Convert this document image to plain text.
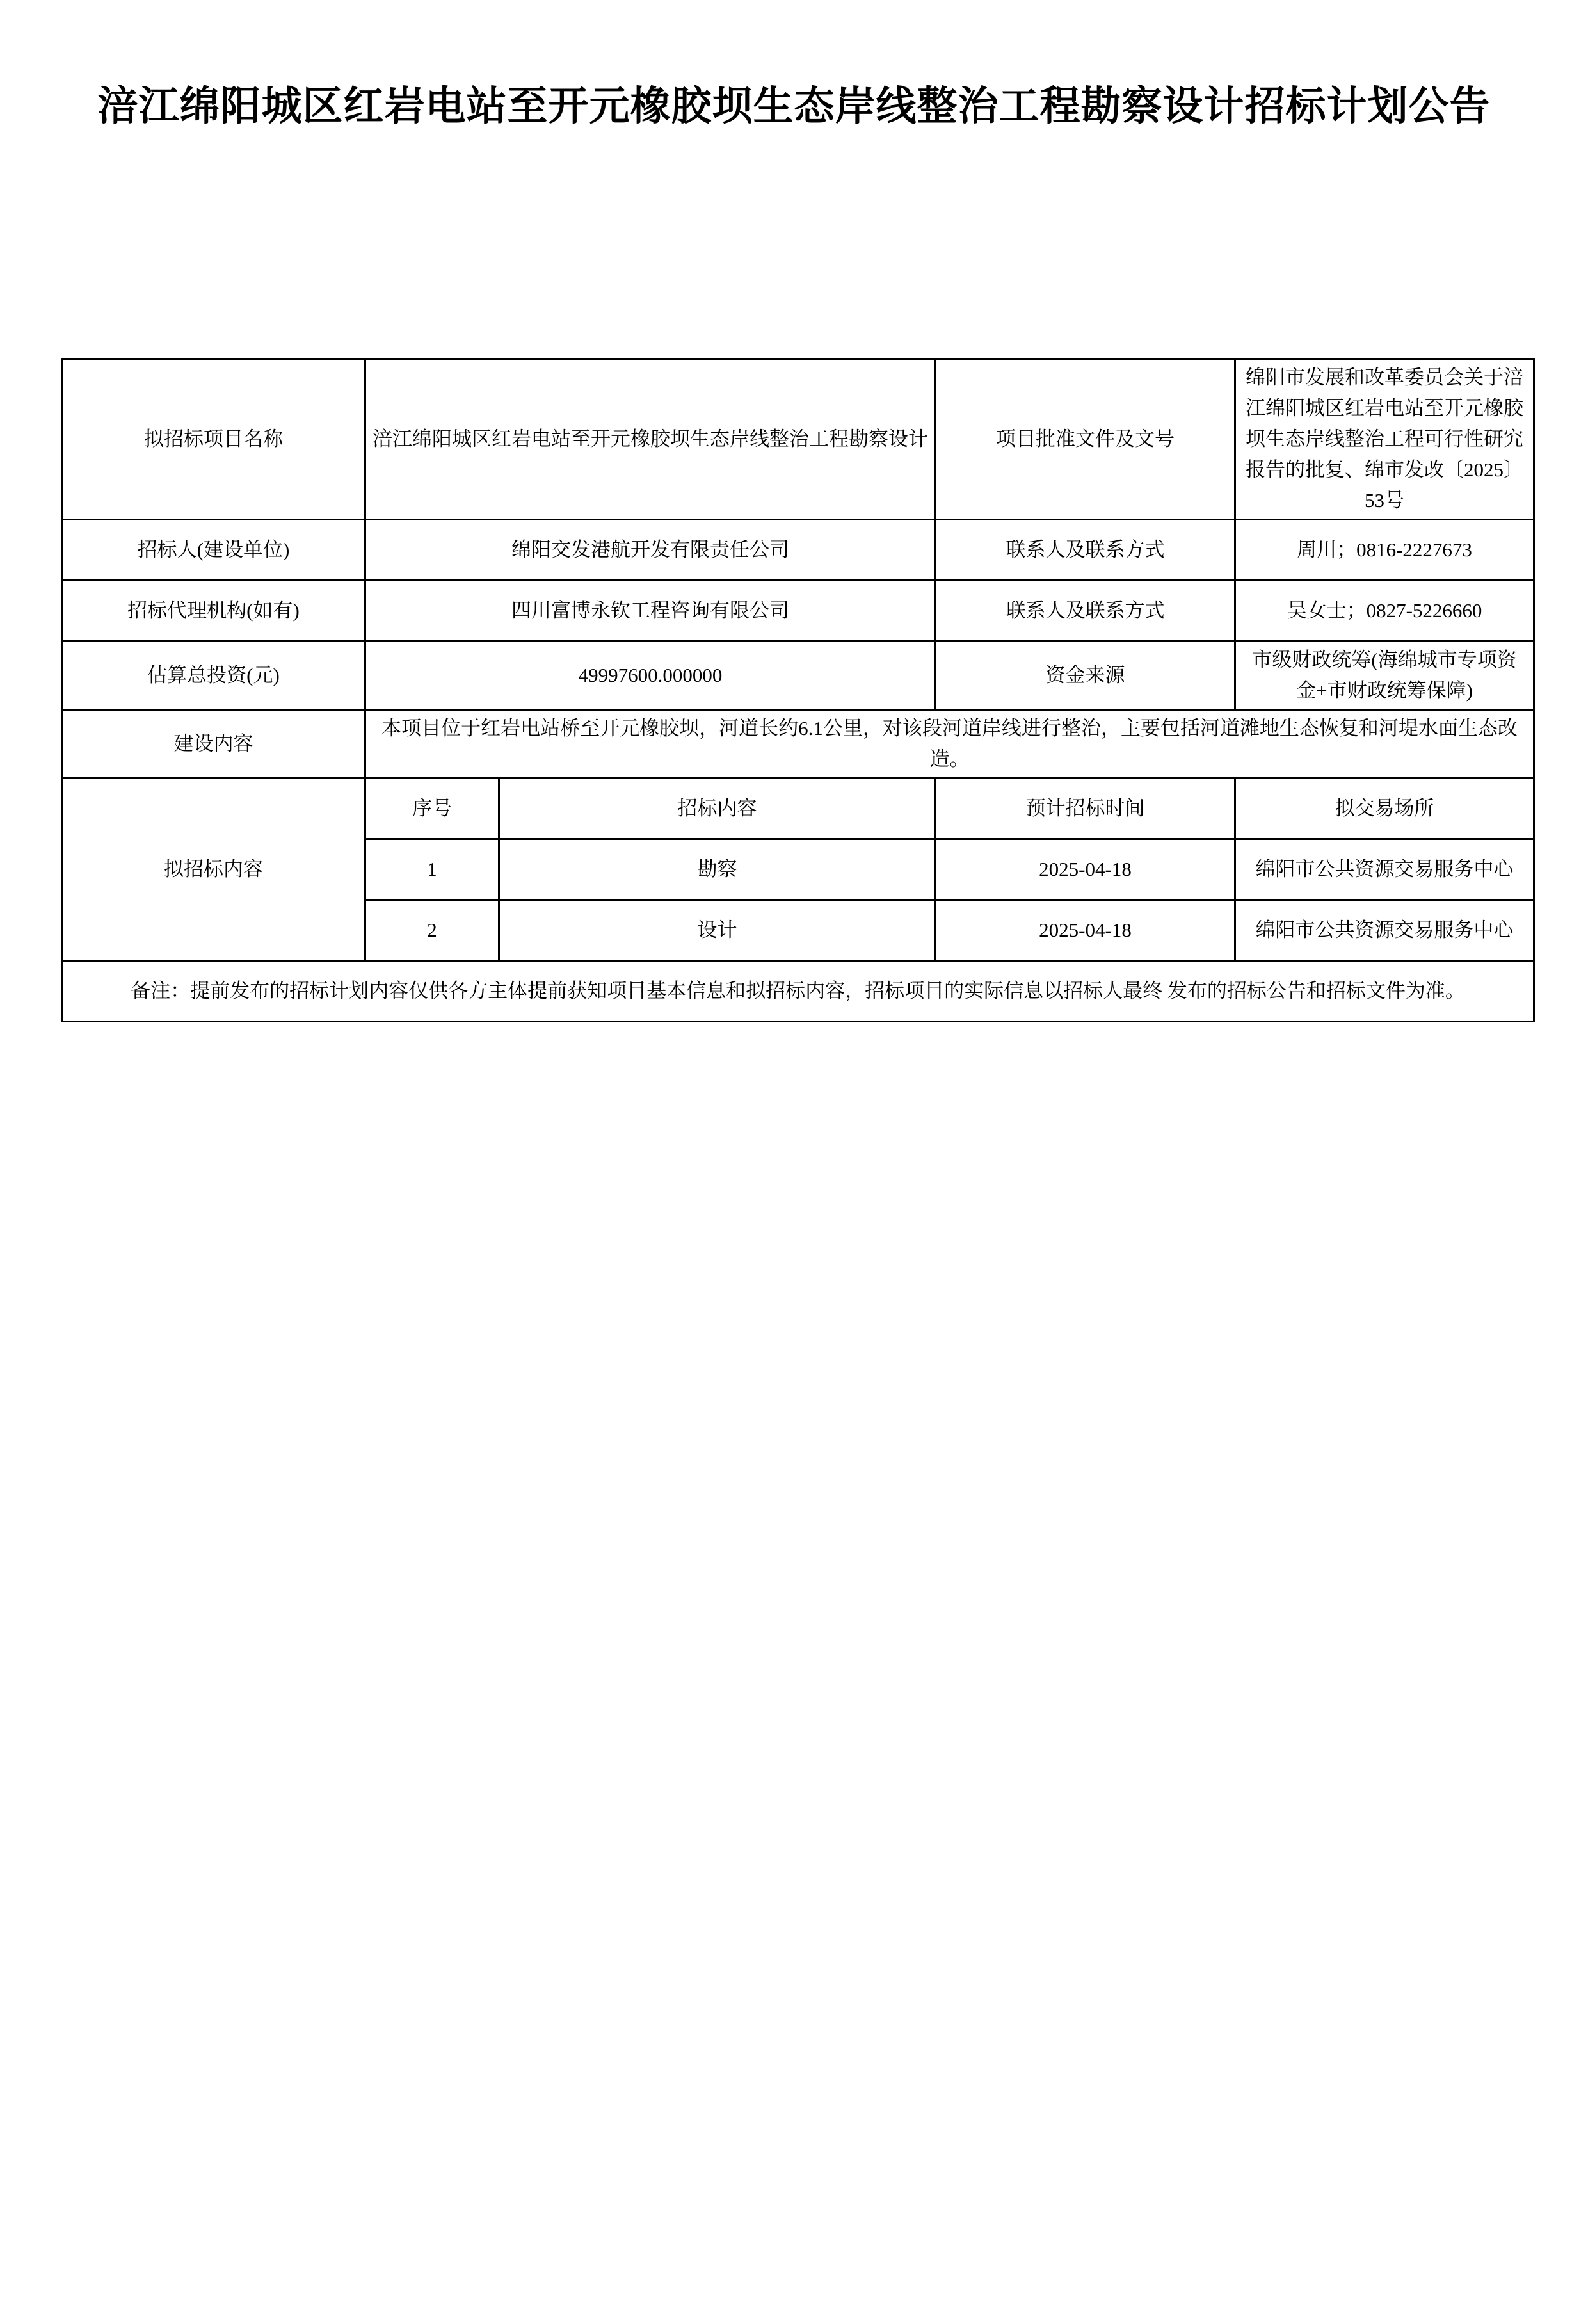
涪江绵阳城区红岩电站至开元橡胶坝生态岸线整治工程勘察设计招标计划公告
拟招标项目名称	涪江绵阳城区红岩电站至开元橡胶坝生态岸线整治工程勘察设计		项目批准文件及文号	绵阳市发展和改革委员会关于涪江绵阳城区红岩电站至开元橡胶坝生态岸线整治工程可行性研究报告的批复、绵市发改〔2025〕53号
招标人(建设单位)	绵阳交发港航开发有限责任公司		联系人及联系方式	周川；0816-2227673
招标代理机构(如有)	四川富博永钦工程咨询有限公司		联系人及联系方式	吴女士；0827-5226660
估算总投资(元)	49997600.000000		资金来源	市级财政统筹(海绵城市专项资金+市财政统筹保障)
建设内容	本项目位于红岩电站桥至开元橡胶坝，河道长约6.1公里，对该段河道岸线进行整治，主要包括河道滩地生态恢复和河堤水面生态改造。			
拟招标内容	序号	招标内容	预计招标时间	拟交易场所
	1	勘察	2025-04-18	绵阳市公共资源交易服务中心
	2	设计	2025-04-18	绵阳市公共资源交易服务中心
备注：提前发布的招标计划内容仅供各方主体提前获知项目基本信息和拟招标内容，招标项目的实际信息以招标人最终 发布的招标公告和招标文件为准。				
